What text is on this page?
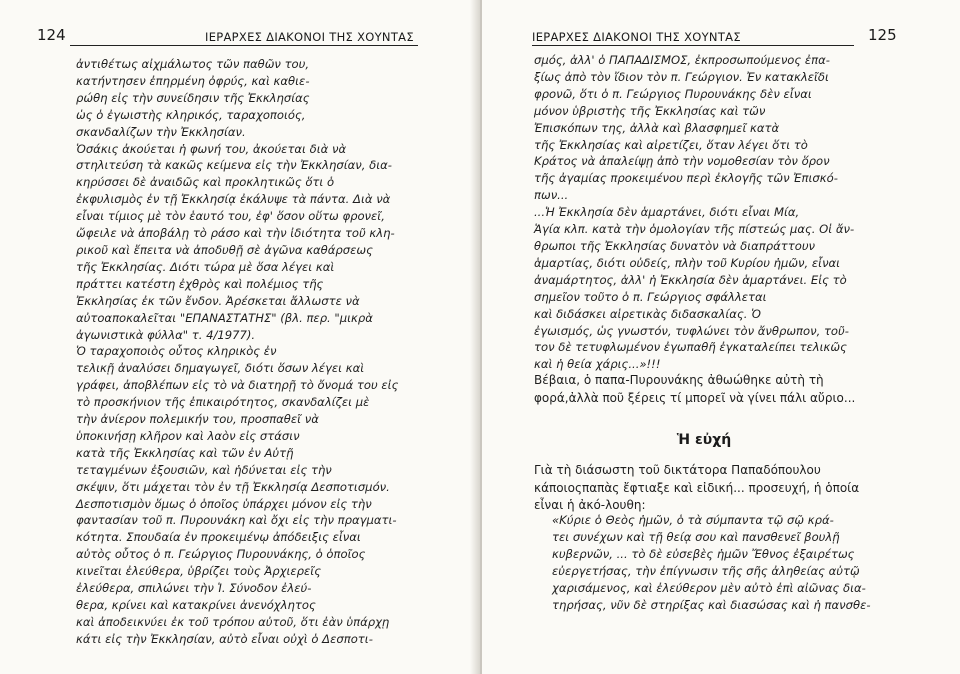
124	ΙΕΡΑΡΧΕΣ ΔΙΑΚΟΝΟΙ ΤΗΣ ΧΟΥΝΤΑΣ
ἀντιθέτως αἰχμάλωτος τῶν παθῶν του,
κατήντησεν ἐπηρμένη ὀφρύς, καὶ καθιε-
ρώθη εἰς τὴν συνείδησιν τῆς Ἐκκλησίας
ὡς ὁ ἐγωιστὴς κληρικός, ταραχοποιός,
σκανδαλίζων τὴν Ἐκκλησίαν.
Ὁσάκις ἀκούεται ἡ φωνή του, ἀκούεται διὰ νὰ
στηλιτεύση τὰ κακῶς κείμενα εἰς τὴν Ἐκκλησίαν, δια-
κηρύσσει δὲ ἀναιδῶς καὶ προκλητικῶς ὅτι ὁ
ἐκφυλισμὸς ἐν τῇ Ἐκκλησίᾳ ἐκάλυψε τὰ πάντα. Διὰ νὰ
εἶναι τίμιος μὲ τὸν ἑαυτό του, ἐφ' ὅσον οὕτω φρονεῖ,
ὤφειλε νὰ ἀποβάλῃ τὸ ράσο καὶ τὴν ἰδιότητα τοῦ κλη-
ρικοῦ καὶ ἔπειτα νὰ ἀποδυθῇ σὲ ἀγῶνα καθάρσεως
τῆς Ἐκκλησίας. Διότι τώρα μὲ ὅσα λέγει καὶ
πράττει κατέστη ἐχθρὸς καὶ πολέμιος τῆς
Ἐκκλησίας ἐκ τῶν ἔνδον. Ἀρέσκεται ἄλλωστε νὰ
αὐτοαποκαλεῖται "ΕΠΑΝΑΣΤΑΤΗΣ" (βλ. περ. "μικρὰ
ἀγωνιστικὰ φύλλα" τ. 4/1977).
Ὁ ταραχοποιὸς οὗτος κληρικὸς ἐν
τελικῇ ἀναλύσει δημαγωγεῖ, διότι ὅσων λέγει καὶ
γράφει, ἀποβλέπων εἰς τὸ νὰ διατηρῇ τὸ ὄνομά του εἰς
τὸ προσκήνιον τῆς ἐπικαιρότητος, σκανδαλίζει μὲ
τὴν ἀνίερον πολεμικήν του, προσπαθεῖ νὰ
ὑποκινήσῃ κλῆρον καὶ λαὸν εἰς στάσιν
κατὰ τῆς Ἐκκλησίας καὶ τῶν ἐν Αὐτῇ
τεταγμένων ἐξουσιῶν, καὶ ἠδύνεται εἰς τὴν
σκέψιν, ὅτι μάχεται τὸν ἐν τῇ Ἐκκλησίᾳ Δεσποτισμόν.
Δεσποτισμὸν ὅμως ὁ ὁποῖος ὑπάρχει μόνον εἰς τὴν
φαντασίαν τοῦ π. Πυρουνάκη καὶ ὄχι εἰς τὴν πραγματι-
κότητα. Σπουδαία ἐν προκειμένῳ ἀπόδειξις εἶναι
αὐτὸς οὗτος ὁ π. Γεώργιος Πυρουνάκης, ὁ ὁποῖος
κινεῖται ἐλεύθερα, ὑβρίζει τοὺς Ἀρχιερεῖς
ἐλεύθερα, σπιλώνει τὴν Ἱ. Σύνοδον ἐλεύ-
θερα, κρίνει καὶ κατακρίνει ἀνενόχλητος
καὶ ἀποδεικνύει ἐκ τοῦ τρόπου αὐτοῦ, ὅτι ἐὰν ὑπάρχῃ
κάτι εἰς τὴν Ἐκκλησίαν, αὐτὸ εἶναι οὐχὶ ὁ Δεσποτι-
ΙΕΡΑΡΧΕΣ ΔΙΑΚΟΝΟΙ ΤΗΣ ΧΟΥΝΤΑΣ	125
σμός, ἀλλ' ὁ ΠΑΠΑΔΙΣΜΟΣ, ἐκπροσωπούμενος ἐπα-
ξίως ἀπὸ τὸν ἴδιον τὸν π. Γεώργιον. Ἐν κατακλεῖδι
φρονῶ, ὅτι ὁ π. Γεώργιος Πυρουνάκης δὲν εἶναι
μόνον ὑβριστὴς τῆς Ἐκκλησίας καὶ τῶν
Ἐπισκόπων της, ἀλλὰ καὶ βλασφημεῖ κατὰ
τῆς Ἐκκλησίας καὶ αἱρετίζει, ὅταν λέγει ὅτι τὸ
Κράτος νὰ ἀπαλείψῃ ἀπὸ τὴν νομοθεσίαν τὸν ὅρον
τῆς ἀγαμίας προκειμένου περὶ ἐκλογῆς τῶν Ἐπισκό-
πων...
...Ἡ Ἐκκλησία δὲν ἁμαρτάνει, διότι εἶναι Μία,
Ἁγία κλπ. κατὰ τὴν ὁμολογίαν τῆς πίστεώς μας. Οἱ ἄν-
θρωποι τῆς Ἐκκλησίας δυνατὸν νὰ διαπράττουν
ἁμαρτίας, διότι οὐδείς, πλὴν τοῦ Κυρίου ἡμῶν, εἶναι
ἀναμάρτητος, ἀλλ' ἡ Ἐκκλησία δὲν ἁμαρτάνει. Εἰς τὸ
σημεῖον τοῦτο ὁ π. Γεώργιος σφάλλεται
καὶ διδάσκει αἱρετικὰς διδασκαλίας. Ὁ
ἐγωισμός, ὡς γνωστόν, τυφλώνει τὸν ἄνθρωπον, τοῦ-
τον δὲ τετυφλωμένον ἐγωπαθῆ ἐγκαταλείπει τελικῶς
καὶ ἡ θεία χάρις...»!!!
Βέβαια, ὁ παπα-Πυρουνάκης ἀθωώθηκε αὐτὴ τὴ φορά,ἀλλὰ ποῦ ξέρεις τί μπορεῖ νὰ γίνει πάλι αὔριο...
Ἡ εὐχή
Γιὰ τὴ διάσωστη τοῦ δικτάτορα Παπαδόπουλου κάποιοςπαπὰς ἔφτιαξε καὶ εἰδική... προσευχή, ἡ ὁποία εἶναι ἡ ἀκό-λουθη:
«Κύριε ὁ Θεὸς ἡμῶν, ὁ τὰ σύμπαντα τῷ σῷ κρά-
τει συνέχων καὶ τῇ θείᾳ σου καὶ πανσθενεῖ βουλῇ
κυβερνῶν, ... τὸ δὲ εὐσεβὲς ἡμῶν Ἔθνος ἐξαιρέτως
εὐεργετήσας, τὴν ἐπίγνωσιν τῆς σῆς ἀληθείας αὐτῷ
χαρισάμενος, καὶ ἐλεύθερον μὲν αὐτὸ ἐπὶ αἰῶνας δια-
τηρήσας, νῦν δὲ στηρίξας καὶ διασώσας καὶ ἡ πανσθε-
